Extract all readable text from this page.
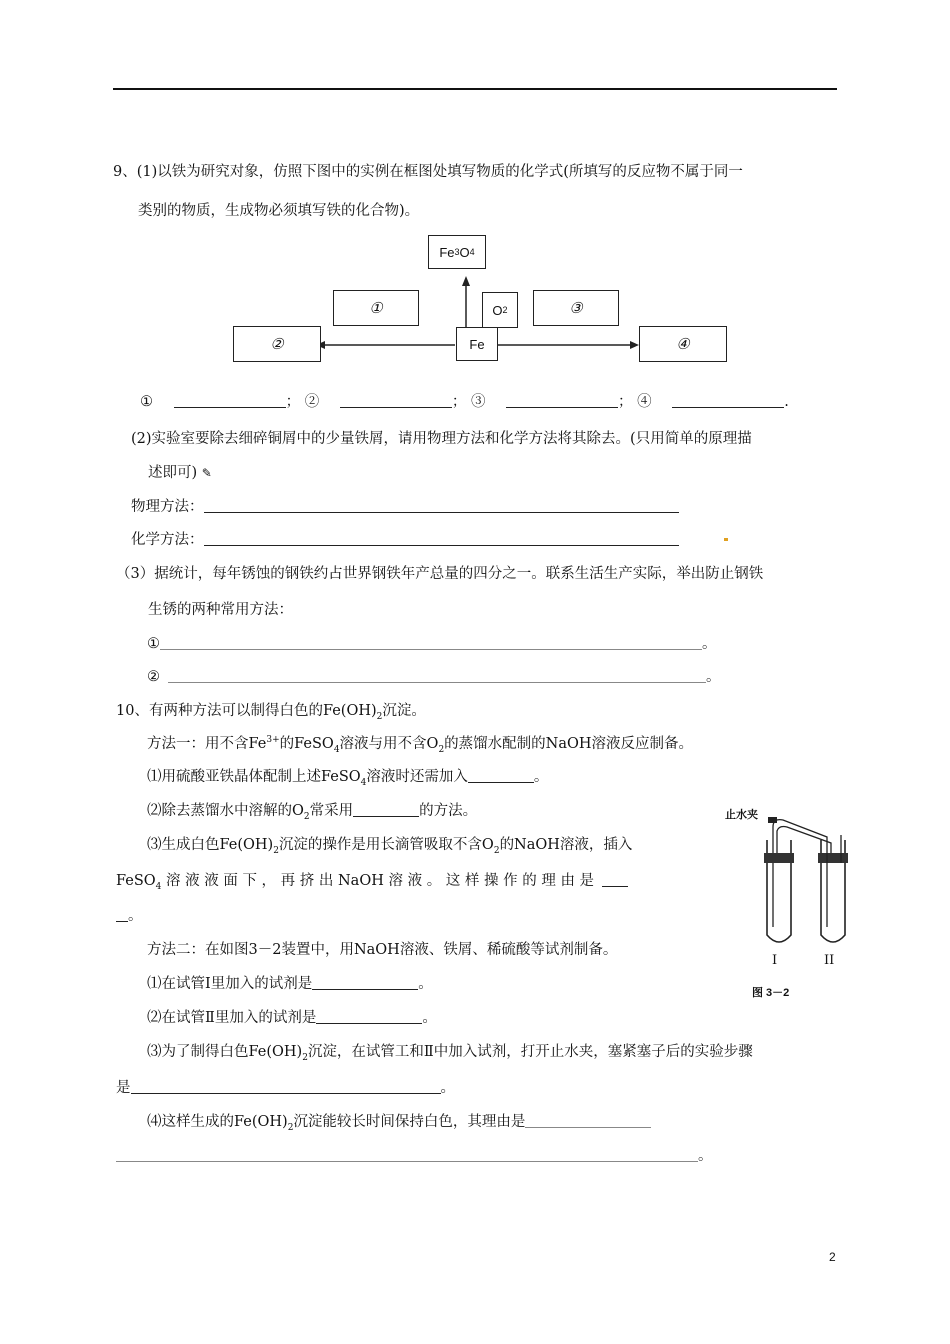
9、(1)以铁为研究对象，仿照下图中的实例在框图处填写物质的化学式(所填写的反应物不属于同一
类别的物质，生成物必须填写铁的化合物)。
Fe 3 O 4
①	O 2	③
②	Fe	④
①	； ②	； ③	； ④	.
(2)实验室要除去细碎铜屑中的少量铁屑，请用物理方法和化学方法将其除去。(只用简单的原理描
述即可) ✎
物理方法：
化学方法：
（3）据统计，每年锈蚀的钢铁约占世界钢铁年产总量的四分之一。联系生活生产实际，举出防止钢铁
生锈的两种常用方法：
①	。
②	。
10、有两种方法可以制得白色的$Fe(OH)_2$沉淀。
方法一：用不含$Fe^{3+}$的FeSO$_4$溶液与用不含$O_2$的蒸馏水配制的NaOH溶液反应制备。
⑴用硫酸亚铁晶体配制上述FeSO$_4$溶液时还需加入	。
⑵除去蒸馏水中溶解的$O_2$常采用	的方法。
⑶生成白色$Fe(OH)_2$沉淀的操作是用长滴管吸取不含$O_2$的NaOH溶液，插入
FeSO$_4$ 溶 液 液 面 下 ， 再 挤 出 NaOH 溶 液 。 这 样 操 作 的 理 由 是
。
方法二：在如图3－2装置中，用NaOH溶液、铁屑、稀硫酸等试剂制备。
⑴在试管Ⅰ里加入的试剂是	。
⑵在试管Ⅱ里加入的试剂是	。
⑶为了制得白色$Fe(OH)_2$沉淀，在试管工和Ⅱ中加入试剂，打开止水夹，塞紧塞子后的实验步骤
是	。
⑷这样生成的$Fe(OH)_2$沉淀能较长时间保持白色，其理由是
。
止水夹
I	II
图 3－2
2
